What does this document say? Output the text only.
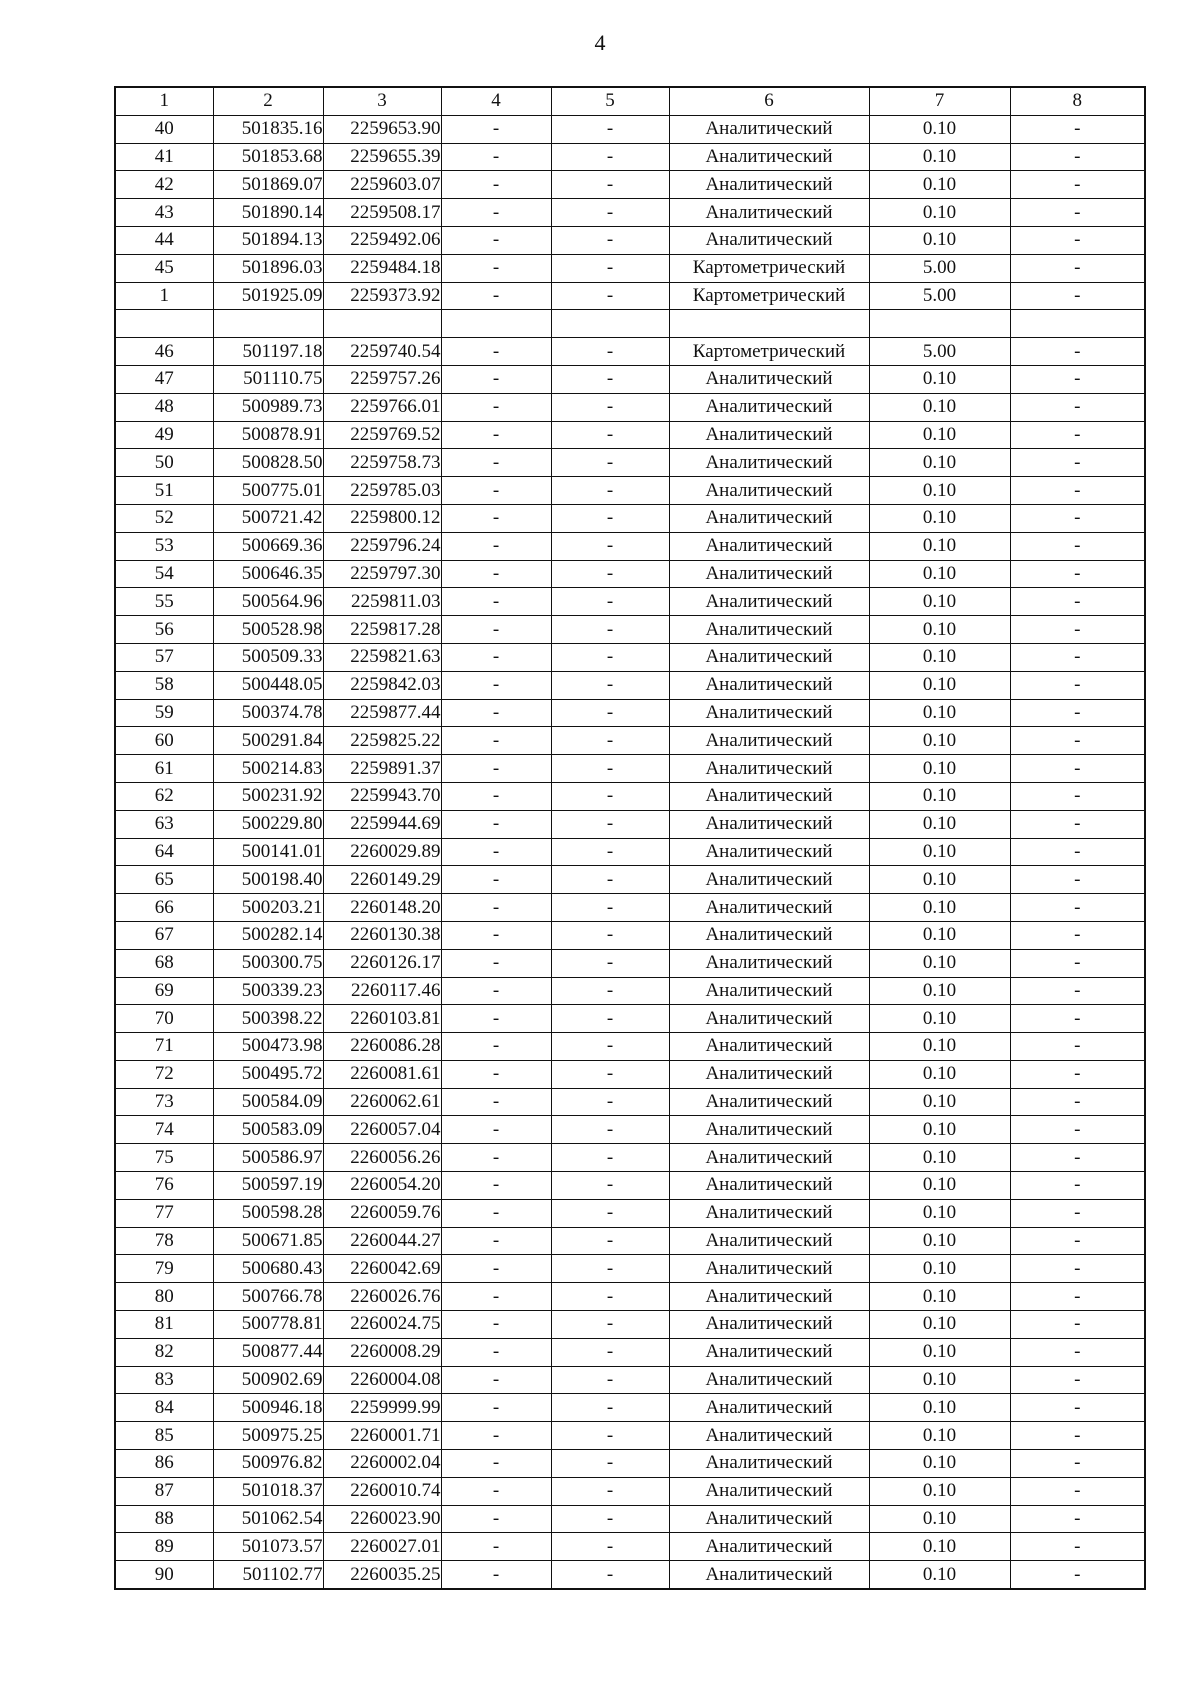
4
1	2	3	4	5	6	7	8
40	501835.16	2259653.90	-	-	Аналитический	0.10	-
41	501853.68	2259655.39	-	-	Аналитический	0.10	-
42	501869.07	2259603.07	-	-	Аналитический	0.10	-
43	501890.14	2259508.17	-	-	Аналитический	0.10	-
44	501894.13	2259492.06	-	-	Аналитический	0.10	-
45	501896.03	2259484.18	-	-	Картометрический	5.00	-
1	501925.09	2259373.92	-	-	Картометрический	5.00	-

46	501197.18	2259740.54	-	-	Картометрический	5.00	-
47	501110.75	2259757.26	-	-	Аналитический	0.10	-
48	500989.73	2259766.01	-	-	Аналитический	0.10	-
49	500878.91	2259769.52	-	-	Аналитический	0.10	-
50	500828.50	2259758.73	-	-	Аналитический	0.10	-
51	500775.01	2259785.03	-	-	Аналитический	0.10	-
52	500721.42	2259800.12	-	-	Аналитический	0.10	-
53	500669.36	2259796.24	-	-	Аналитический	0.10	-
54	500646.35	2259797.30	-	-	Аналитический	0.10	-
55	500564.96	2259811.03	-	-	Аналитический	0.10	-
56	500528.98	2259817.28	-	-	Аналитический	0.10	-
57	500509.33	2259821.63	-	-	Аналитический	0.10	-
58	500448.05	2259842.03	-	-	Аналитический	0.10	-
59	500374.78	2259877.44	-	-	Аналитический	0.10	-
60	500291.84	2259825.22	-	-	Аналитический	0.10	-
61	500214.83	2259891.37	-	-	Аналитический	0.10	-
62	500231.92	2259943.70	-	-	Аналитический	0.10	-
63	500229.80	2259944.69	-	-	Аналитический	0.10	-
64	500141.01	2260029.89	-	-	Аналитический	0.10	-
65	500198.40	2260149.29	-	-	Аналитический	0.10	-
66	500203.21	2260148.20	-	-	Аналитический	0.10	-
67	500282.14	2260130.38	-	-	Аналитический	0.10	-
68	500300.75	2260126.17	-	-	Аналитический	0.10	-
69	500339.23	2260117.46	-	-	Аналитический	0.10	-
70	500398.22	2260103.81	-	-	Аналитический	0.10	-
71	500473.98	2260086.28	-	-	Аналитический	0.10	-
72	500495.72	2260081.61	-	-	Аналитический	0.10	-
73	500584.09	2260062.61	-	-	Аналитический	0.10	-
74	500583.09	2260057.04	-	-	Аналитический	0.10	-
75	500586.97	2260056.26	-	-	Аналитический	0.10	-
76	500597.19	2260054.20	-	-	Аналитический	0.10	-
77	500598.28	2260059.76	-	-	Аналитический	0.10	-
78	500671.85	2260044.27	-	-	Аналитический	0.10	-
79	500680.43	2260042.69	-	-	Аналитический	0.10	-
80	500766.78	2260026.76	-	-	Аналитический	0.10	-
81	500778.81	2260024.75	-	-	Аналитический	0.10	-
82	500877.44	2260008.29	-	-	Аналитический	0.10	-
83	500902.69	2260004.08	-	-	Аналитический	0.10	-
84	500946.18	2259999.99	-	-	Аналитический	0.10	-
85	500975.25	2260001.71	-	-	Аналитический	0.10	-
86	500976.82	2260002.04	-	-	Аналитический	0.10	-
87	501018.37	2260010.74	-	-	Аналитический	0.10	-
88	501062.54	2260023.90	-	-	Аналитический	0.10	-
89	501073.57	2260027.01	-	-	Аналитический	0.10	-
90	501102.77	2260035.25	-	-	Аналитический	0.10	-
